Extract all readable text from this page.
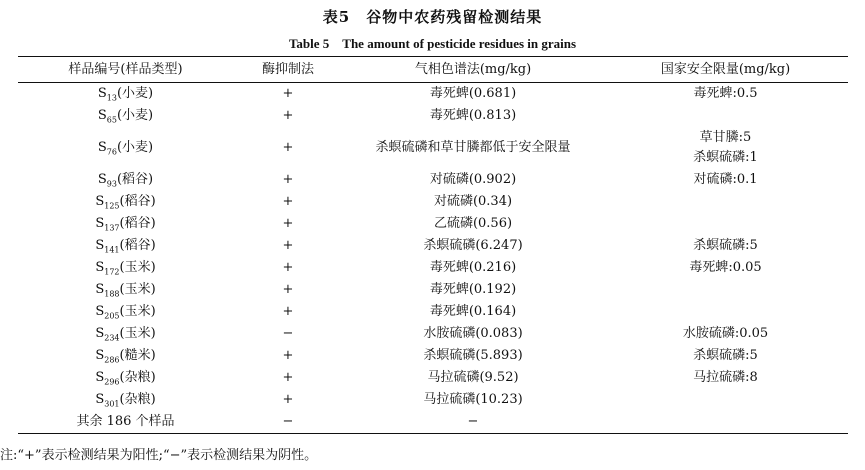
表5　谷物中农药残留检测结果
Table 5　The amount of pesticide residues in grains
样品编号(样品类型)	酶抑制法	气相色谱法(mg/kg)	国家安全限量(mg/kg)
$S_{13}$(小麦)	+	毒死蜱(0.681)	毒死蜱:0.5

$S_{65}$(小麦)	+	毒死蜱(0.813)	
$S_{76}$(小麦)	+	杀螟硫磷和草甘膦都低于安全限量	草甘膦:5
杀螟硫磷:1

$S_{93}$(稻谷)	+	对硫磷(0.902)	对硫磷:0.1

$S_{125}$(稻谷)	+	对硫磷(0.34)	
$S_{137}$(稻谷)	+	乙硫磷(0.56)	
$S_{141}$(稻谷)	+	杀螟硫磷(6.247)	杀螟硫磷:5

$S_{172}$(玉米)	+	毒死蜱(0.216)	毒死蜱:0.05

$S_{188}$(玉米)	+	毒死蜱(0.192)	
$S_{205}$(玉米)	+	毒死蜱(0.164)	
$S_{234}$(玉米)	−	水胺硫磷(0.083)	水胺硫磷:0.05

$S_{286}$(糙米)	+	杀螟硫磷(5.893)	杀螟硫磷:5

$S_{296}$(杂粮)	+	马拉硫磷(9.52)	马拉硫磷:8

$S_{301}$(杂粮)	+	马拉硫磷(10.23)	
其余 186 个样品	−	−	
注:“+”表示检测结果为阳性;“−”表示检测结果为阴性。
